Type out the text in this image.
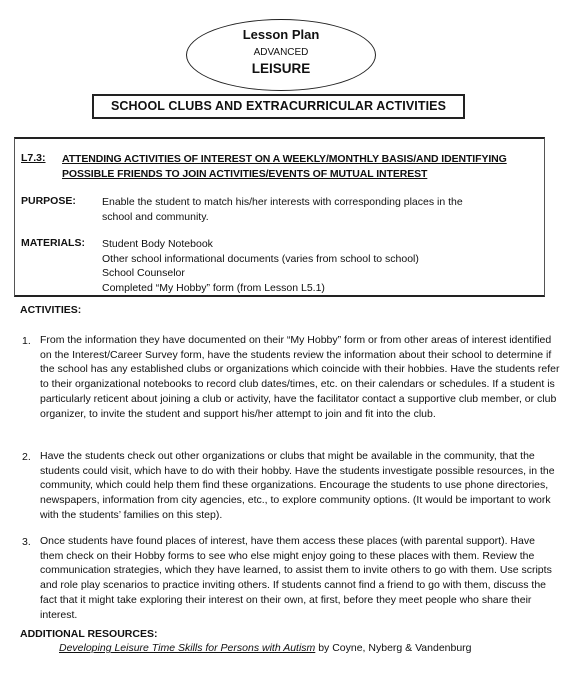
Lesson Plan
ADVANCED
LEISURE
SCHOOL CLUBS AND EXTRACURRICULAR ACTIVITIES
L7.3: ATTENDING ACTIVITIES OF INTEREST ON A WEEKLY/MONTHLY BASIS/AND IDENTIFYING
POSSIBLE FRIENDS TO JOIN ACTIVITIES/EVENTS OF MUTUAL INTEREST
PURPOSE: Enable the student to match his/her interests with corresponding places in the
school and community.
MATERIALS: Student Body Notebook
Other school informational documents (varies from school to school)
School Counselor
Completed “My Hobby” form (from Lesson L5.1)
ACTIVITIES:
1. From the information they have documented on their “My Hobby” form or from other areas of interest identified on the Interest/Career Survey form, have the students review the information about their school to determine if the school has any established clubs or organizations which coincide with their hobbies. Have the students refer to their organizational notebooks to record club dates/times, etc. on their calendars or schedules. If a student is particularly reticent about joining a club or activity, have the facilitator contact a supportive club member, or club organizer, to invite the student and support his/her attempt to join and fit into the club.
2. Have the students check out other organizations or clubs that might be available in the community, that the students could visit, which have to do with their hobby. Have the students investigate possible resources, in the community, which could help them find these organizations. Encourage the students to use phone directories, newspapers, information from city agencies, etc., to explore community options. (It would be important to work with the students’ families on this step).
3. Once students have found places of interest, have them access these places (with parental support). Have them check on their Hobby forms to see who else might enjoy going to these places with them. Review the communication strategies, which they have learned, to assist them to invite others to go with them. Use scripts and role play scenarios to practice inviting others. If students cannot find a friend to go with them, discuss the fact that it might take exploring their interest on their own, at first, before they meet people who share their interest.
ADDITIONAL RESOURCES:
Developing Leisure Time Skills for Persons with Autism by Coyne, Nyberg & Vandenburg
